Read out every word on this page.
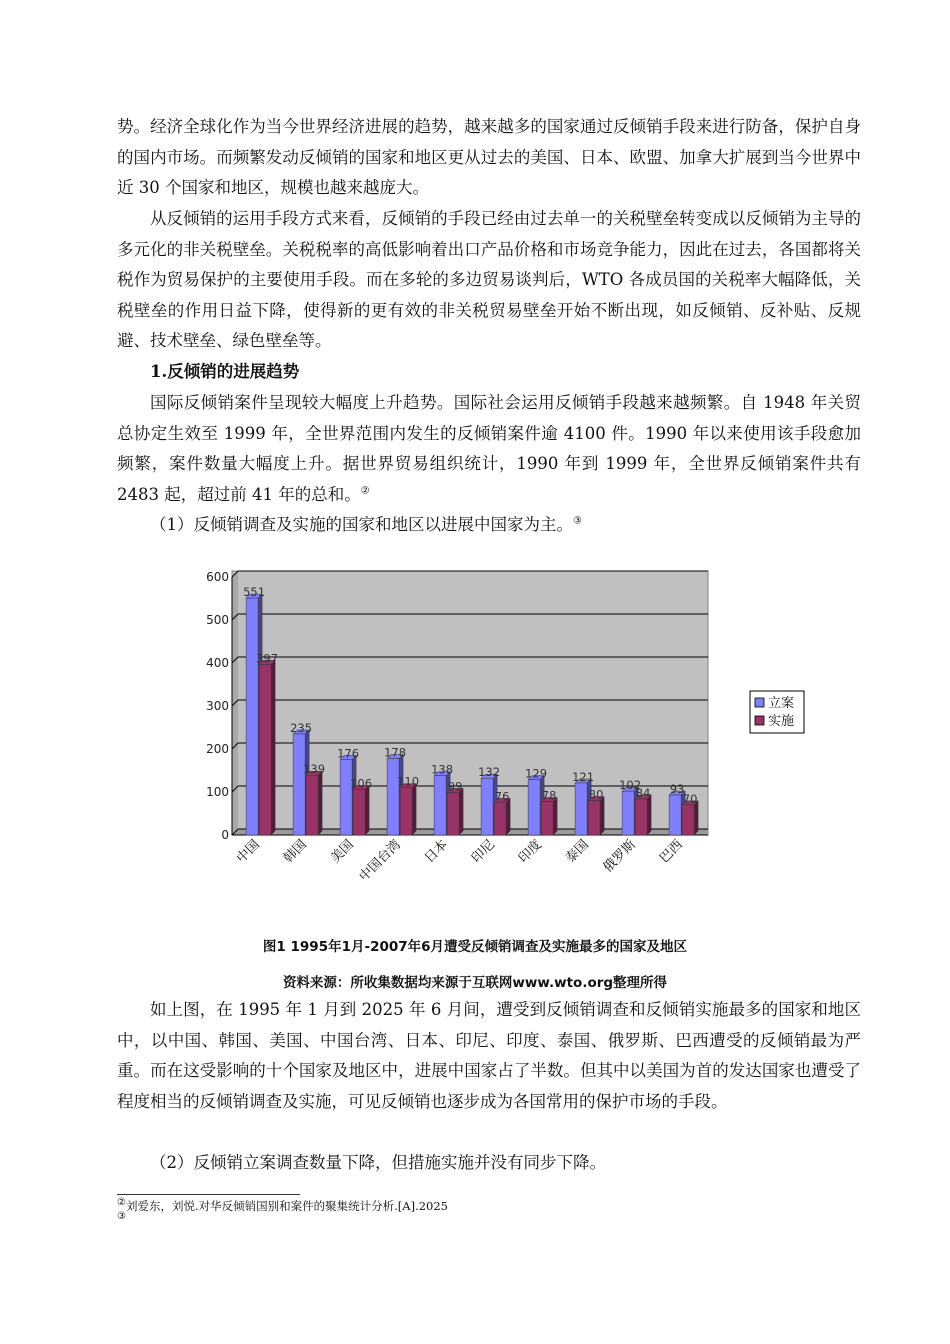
势。经济全球化作为当今世界经济进展的趋势，越来越多的国家通过反倾销手段来进行防备，保护自身的国内市场。而频繁发动反倾销的国家和地区更从过去的美国、日本、欧盟、加拿大扩展到当今世界中近 30 个国家和地区，规模也越来越庞大。

从反倾销的运用手段方式来看，反倾销的手段已经由过去单一的关税壁垒转变成以反倾销为主导的多元化的非关税壁垒。关税税率的高低影响着出口产品价格和市场竞争能力，因此在过去，各国都将关税作为贸易保护的主要使用手段。而在多轮的多边贸易谈判后，WTO 各成员国的关税率大幅降低，关税壁垒的作用日益下降，使得新的更有效的非关税贸易壁垒开始不断出现，如反倾销、反补贴、反规避、技术壁垒、绿色壁垒等。

1.反倾销的进展趋势

国际反倾销案件呈现较大幅度上升趋势。国际社会运用反倾销手段越来越频繁。自 1948 年关贸总协定生效至 1999 年，全世界范围内发生的反倾销案件逾 4100 件。1990 年以来使用该手段愈加频繁，案件数量大幅度上升。据世界贸易组织统计，1990 年到 1999 年，全世界反倾销案件共有 2483 起，超过前 41 年的总和。②

（1）反倾销调查及实施的国家和地区以进展中国家为主。③

0
100
200
300
400
500
600
551
397
中国
235
139
韩国
176
106
美国
178
110
中国台湾
138
99
日本
132
76
印尼
129
78
印度
121
80
泰国
102
84
俄罗斯
93
70
巴西
立案
实施
图1 1995年1月-2007年6月遭受反倾销调查及实施最多的国家及地区
资料来源：所收集数据均来源于互联网www.wto.org整理所得

如上图，在 1995 年 1 月到 2025 年 6 月间，遭受到反倾销调查和反倾销实施最多的国家和地区中，以中国、韩国、美国、中国台湾、日本、印尼、印度、泰国、俄罗斯、巴西遭受的反倾销最为严重。而在这受影响的十个国家及地区中，进展中国家占了半数。但其中以美国为首的发达国家也遭受了程度相当的反倾销调查及实施，可见反倾销也逐步成为各国常用的保护市场的手段。

（2）反倾销立案调查数量下降，但措施实施并没有同步下降。

②刘爱东，刘悦.对华反倾销国别和案件的聚集统计分析.[A].2025
③
